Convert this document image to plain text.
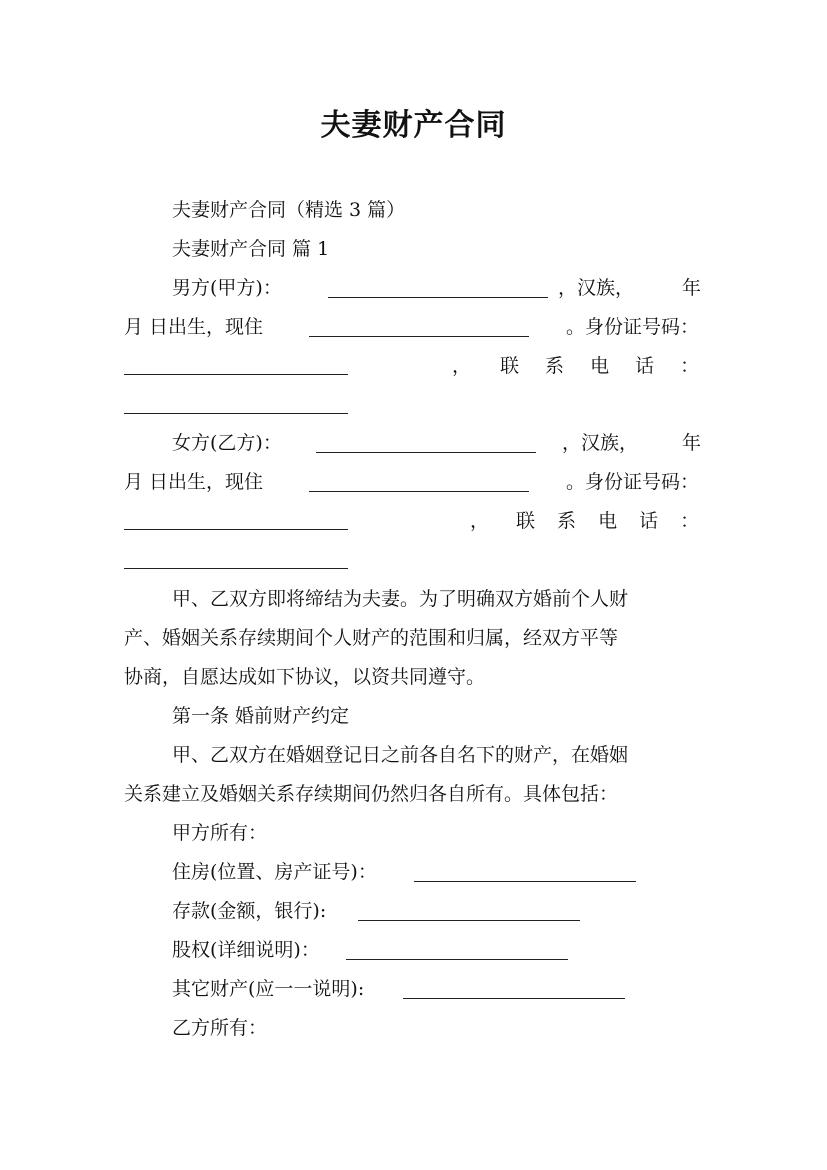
夫妻财产合同
夫妻财产合同（精选 3 篇）
夫妻财产合同 篇 1
男方(甲方)：	，汉族，	年
月 日出生，现住	。身份证号码：
， 联 系 电 话 ：
女方(乙方)：	，汉族， 年
月 日出生，现住	。身份证号码：
， 联 系 电 话 ：
甲、乙双方即将缔结为夫妻。为了明确双方婚前个人财
产、婚姻关系存续期间个人财产的范围和归属，经双方平等
协商，自愿达成如下协议，以资共同遵守。
第一条 婚前财产约定
甲、乙双方在婚姻登记日之前各自名下的财产，在婚姻
关系建立及婚姻关系存续期间仍然归各自所有。具体包括：
甲方所有：
住房(位置、房产证号)：
存款(金额，银行):
股权(详细说明)：
其它财产(应一一说明):
乙方所有：
